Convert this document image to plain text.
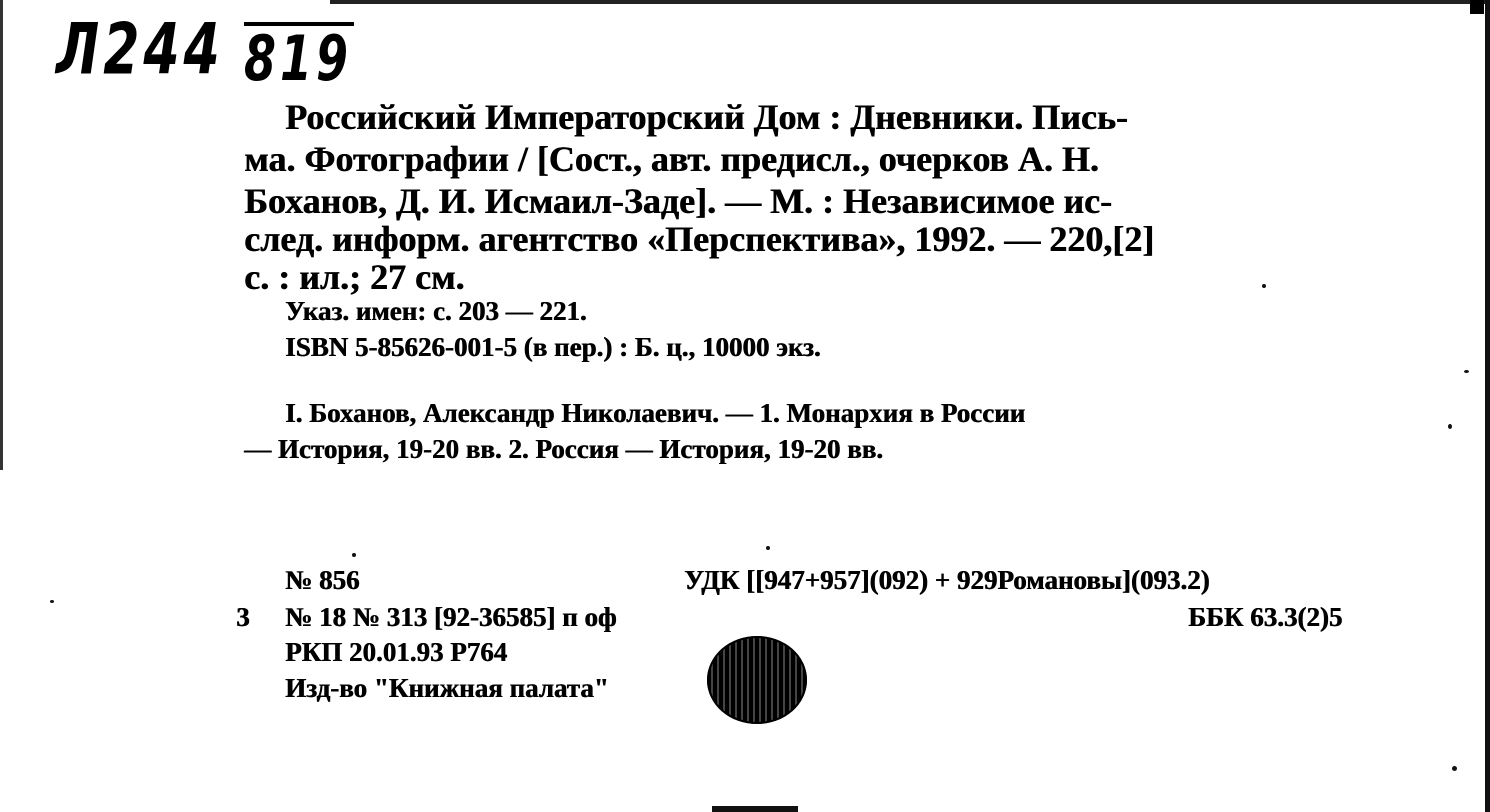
Л244 819
Российский Императорский Дом : Дневники. Пись-
ма. Фотографии / [Сост., авт. предисл., очерков А. Н.
Боханов, Д. И. Исмаил-Заде]. — М. : Независимое ис-
след. информ. агентство «Перспектива», 1992. — 220,[2]
с. : ил.; 27 см.
Указ. имен: с. 203 — 221.
ISBN 5-85626-001-5 (в пер.) : Б. ц., 10000 экз.
I. Боханов, Александр Николаевич. — 1. Монархия в России
— История, 19-20 вв. 2. Россия — История, 19-20 вв.
№ 856	УДК [[947+957](092) + 929Романовы](093.2)
3 № 18 № 313 [92-36585] п оф	ББК 63.3(2)5
РКП 20.01.93 Р764
Изд-во "Книжная палата"
